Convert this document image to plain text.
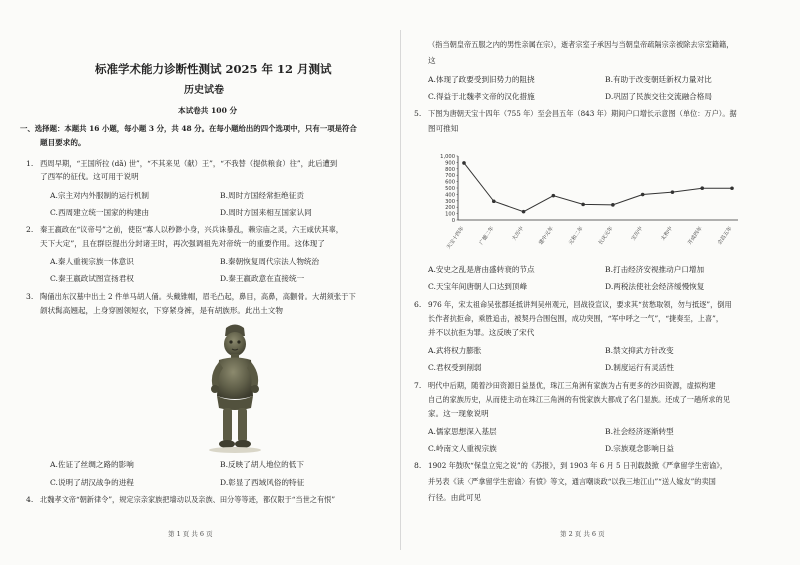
标准学术能力诊断性测试 2025 年 12 月测试
历史试卷
本试卷共 100 分
一、选择题：本题共 16 小题，每小题 3 分，共 48 分。在每小题给出的四个选项中，只有一项是符合
题目要求的。
1. 西周早期，“王国所拉 (dǎ) 世”，“不其来见（献）王”，“不我替（提供粮食）往”，此后遭到
了西军的征伐。这可用于说明
A.宗主对内外服制的运行机制	B.周时方国经常拒绝征贡
C.西周建立统一国家的构建由	D.周时方国来相互国家认同
2. 秦王嬴政在“议帝号”之前，使臣“寡人以秒渺小身，兴兵诛暴乱，赖宗庙之灵，六王咸伏其辜，
天下大定”，且在群臣提出分封诸王时，再次强调祖先对帝统一的重要作用。这体现了
A.秦人重视宗族一体意识	B.秦朝恢复周代宗法人物统治
C.秦王嬴政试图宣扬君权	D.秦王嬴政意在直接统一
3. 陶俑出东汉墓中出土 2 件单马胡人俑。头戴锥帽，眉毛凸起，鼻目，高鼻，高颧骨。大胡须张于下
颌状髯高翘起，上身穿圆领短衣，下穿紧身裤，是有胡族形。此出土文物
A.佐证了丝绸之路的影响	B.反映了胡人地位的低下
C.说明了胡汉战争的进程	D.彰显了西域风俗的特征
4. 北魏孝文帝“朝新律令”，规定宗亲家族把墙动以及亲族、田分等等迹，都仅限于“当世之有恨”
第 1 页 共 6 页
（指当朝皇帝五服之内的男性亲属在宗），逝者宗室子承因与当朝皇帝疏隔宗亲被除去宗室籍籍，
这
A.体现了政要受到旧势力的阻挠	B.有助于改变朝廷新权力量对比
C.得益于北魏孝文帝的汉化措施	D.巩固了民族交往交流融合格局
5. 下图为唐朝天宝十四年（755 年）至会昌五年（843 年）期间户口增长示意图（单位：万户）。据
图可推知
1,000
900
800
700
600
500
400
300
200
100
0
天宝十四年	广德二年	大历中	建中元年	元和二年	长庆元年	宝历中	太和中	开成四年	会昌五年
A.安史之乱是唐由盛转衰的节点	B.打击经济安视推动户口增加
C.天宝年间唐朝人口达到顶峰	D.两税法使社会经济缓慢恢复
6. 976 年，宋太祖命吴张郡延抵讲判吴州观元，回战役宣议，要求其“贫愁取领，勿与抵逐”，倒用
长作者抗拒命，乘胜追击，被契丹合围包围，成功突围，“军中呼之一气”，“捷奏至，上喜”，
并不以抗拒为罪。这反映了宋代
A.武将权力膨胀	B.禁文抑武方针改变
C.君权受到削弱	D.制度运行有灵活性
7. 明代中后期，随着沙田资源日益垦优，珠江三角洲有家族为占有更多的沙田资源，虚拟构建
自己的家族历史，从而使主动在珠江三角洲的有悦家族大都成了名门显族。还成了一趟所求的见
家。这一现象说明
A.儒家思想深入基层	B.社会经济逐渐转型
C.岭南文人重视宗族	D.宗族观念影响日益
8. 1902 年鼓吹“保皇立宪之说”的《苏报》，到 1903 年 6 月 5 日刊载鼓掀《严拿留学生密谕》，
并另表《读〈严拿留学生密谕〉有愤》等文，通言嘲谈政“以我三地江山”“送人嫁友”的卖国
行径。由此可见
第 2 页 共 6 页
